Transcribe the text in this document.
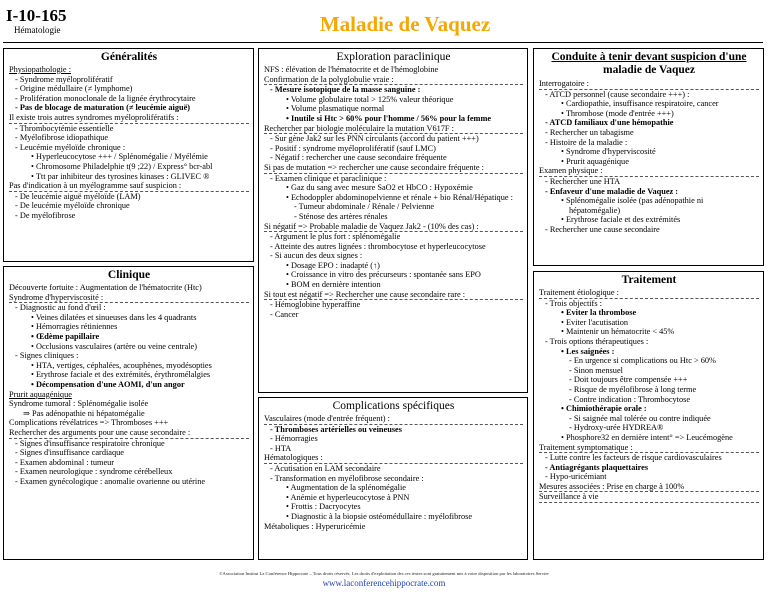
I-10-165
Hématologie	Maladie de Vaquez
Généralités
Physiopathologie :
- Syndrome myéloprolifératif
- Origine médullaire (≠ lymphome)
- Prolifération monoclonale de la lignée érythrocytaire
- Pas de blocage de maturation (≠ leucémie aiguë)
Il existe trois autres syndromes myéloprolifératifs :
- Thrombocytémie essentielle
- Myélofibrose idiopathique
- Leucémie myéloïde chronique :
• Hyperleucocytose +++ / Splénomégalie / Myélémie
• Chromosome Philadelphie t(9 ;22) / Express° bcr-abl
• Ttt par inhibiteur des tyrosines kinases : GLIVEC ®
Pas d'indication à un myélogramme sauf suspicion :
- De leucémie aiguë myéloïde (LAM)
- De leucémie myéloïde chronique
- De myélofibrose
Clinique
Découverte fortuite : Augmentation de l'hématocrite (Htc)
Syndrome d'hyperviscosité :
- Diagnostic au fond d'œil :
• Veines dilatées et sinueuses dans les 4 quadrants
• Hémorragies rétiniennes
• Œdème papillaire
• Occlusions vasculaires (artère ou veine centrale)
- Signes cliniques :
• HTA, vertiges, céphalées, acouphènes, myodésopties
• Erythrose faciale et des extrémités, érythromélalgies
• Décompensation d'une AOMI, d'un angor
Prurit aquagénique
Syndrome tumoral : Splénomégalie isolée
⇒ Pas adénopathie ni hépatomégalie
Complications révélatrices => Thromboses +++
Rechercher des arguments pour une cause secondaire :
- Signes d'insuffisance respiratoire chronique
- Signes d'insuffisance cardiaque
- Examen abdominal : tumeur
- Examen neurologique : syndrome cérébelleux
- Examen gynécologique : anomalie ovarienne ou utérine
Exploration paraclinique
NFS : élévation de l'hématocrite et de l'hémoglobine
Confirmation de la polyglobulie vraie :
- Mesure isotopique de la masse sanguine :
• Volume globulaire total > 125% valeur théorique
• Volume plasmatique normal
• Inutile si Htc > 60% pour l'homme / 56% pour la femme
Rechercher par biologie moléculaire la mutation V617F :
- Sur gène Jak2 sur les PNN circulants (accord du patient +++)
- Positif : syndrome myéloprolifératif (sauf LMC)
- Négatif : rechercher une cause secondaire fréquente
Si pas de mutation => rechercher une cause secondaire fréquente :
- Examen clinique et paraclinique :
• Gaz du sang avec mesure SaO2 et HbCO : Hypoxémie
• Echodoppler abdominopelvienne et rénale + bio Rénal/Hépatique :
- Tumeur abdominale / Rénale / Pelvienne
- Sténose des artères rénales
Si négatif => Probable maladie de Vaquez Jak2 - (10% des cas) :
- Argument le plus fort : splénomégalie
- Atteinte des autres lignées : thrombocytose et hyperleucocytose
- Si aucun des deux signes :
• Dosage EPO : inadapté (↑)
• Croissance in vitro des précurseurs : spontanée sans EPO
• BOM en dernière intention
Si tout est négatif => Rechercher une cause secondaire rare :
- Hémoglobine hyperaffine
- Cancer
Complications spécifiques
Vasculaires (mode d'entrée fréquent) :
- Thromboses artérielles ou veineuses
- Hémorragies
- HTA
Hématologiques :
- Acutisation en LAM secondaire
- Transformation en myélofibrose secondaire :
• Augmentation de la splénomégalie
• Anémie et hyperleucocytose à PNN
• Frottis : Dacryocytes
• Diagnostic à la biopsie ostéomédullaire : myélofibrose
Métaboliques : Hyperuricémie
Conduite à tenir devant suspicion d'une
maladie de Vaquez
Interrogatoire :
- ATCD personnel (cause secondaire +++) :
• Cardiopathie, insuffisance respiratoire, cancer
• Thrombose (mode d'entrée +++)
- ATCD familiaux d'une hémopathie
- Rechercher un tabagisme
- Histoire de la maladie :
• Syndrome d'hyperviscosité
• Prurit aquagénique
Examen physique :
- Rechercher une HTA
- Enfaveur d'une maladie de Vaquez :
• Splénomégalie isolée (pas adénopathie ni
hépatomégalie)
• Erythrose faciale et des extrémités
- Rechercher une cause secondaire
Traitement
Traitement étiologique :
- Trois objectifs :
• Eviter la thrombose
• Eviter l'acutisation
• Maintenir un hématocrite < 45%
- Trois options thérapeutiques :
• Les saignées :
- En urgence si complications ou Htc > 60%
- Sinon mensuel
- Doit toujours être compensée +++
- Risque de myélofibrose à long terme
- Contre indication : Thrombocytose
• Chimiothérapie orale :
- Si saignée mal tolérée ou contre indiquée
- Hydroxy-urée HYDREA®
• Phosphore32 en dernière intent° => Leucémogène
Traitement symptomatique :
- Lutte contre les facteurs de risque cardiovasculaires
- Antiagrégants plaquettaires
- Hypo-uricémiant
Mesures associées : Prise en charge à 100%
Surveillance à vie
©Association Institut La Conférence Hippocrate – Tous droits réservés. Les droits d'exploitation des ces textes sont gratuitement mis à votre disposition par les laboratoires Servier
www.laconferencehippocrate.com
